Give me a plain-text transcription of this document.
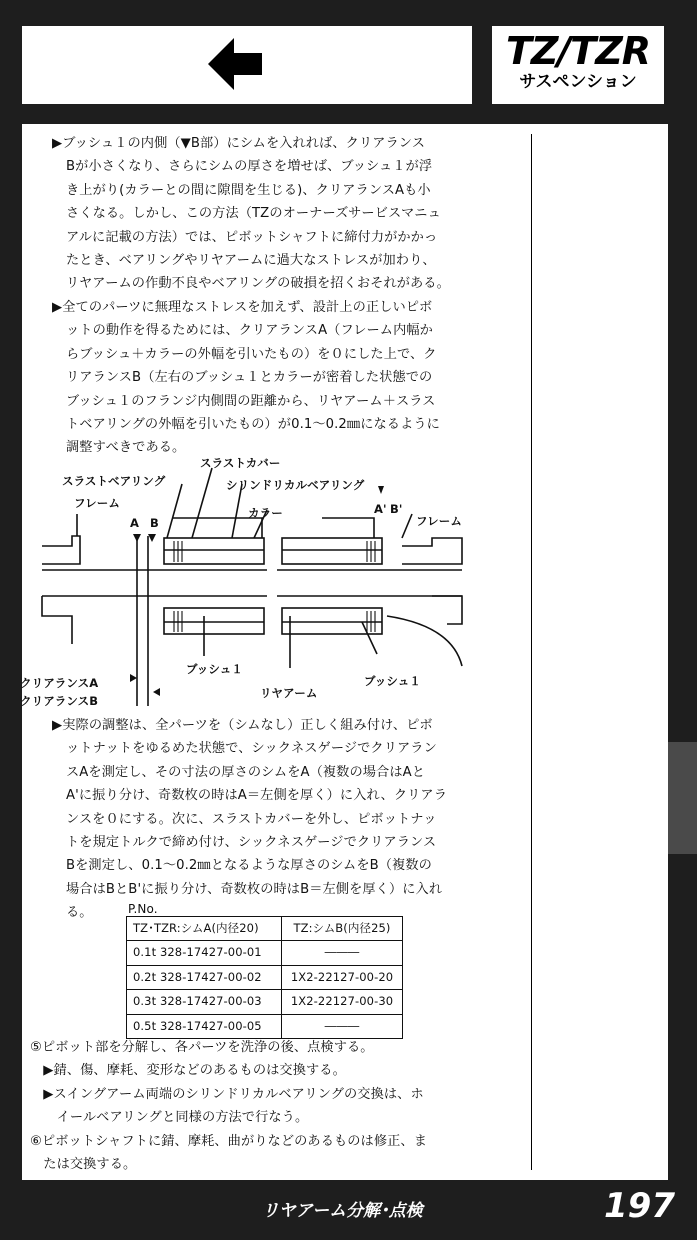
TZ/TZR
サスペンション
▶ブッシュ１の内側（▼B部）にシムを入れれば、クリアランス
Bが小さくなり、さらにシムの厚さを増せば、ブッシュ１が浮
き上がり(カラーとの間に隙間を生じる)、クリアランスAも小
さくなる。しかし、この方法（TZのオーナーズサービスマニュ
アルに記載の方法）では、ピボットシャフトに締付力がかかっ
たとき、ベアリングやリヤアームに過大なストレスが加わり、
リヤアームの作動不良やベアリングの破損を招くおそれがある。
▶全てのパーツに無理なストレスを加えず、設計上の正しいピボ
ットの動作を得るためには、クリアランスA（フレーム内幅か
らブッシュ＋カラーの外幅を引いたもの）を０にした上で、ク
リアランスB（左右のブッシュ１とカラーが密着した状態での
ブッシュ１のフランジ内側間の距離から、リヤアーム＋スラス
トベアリングの外幅を引いたもの）が0.1〜0.2㎜になるように
調整すべきである。
スラストカバー
スラストベアリング	シリンドリカルベアリング
フレーム
カラー
A B
A' B'
フレーム
ブッシュ１
ブッシュ１
リヤアーム
クリアランスA
クリアランスB
▶実際の調整は、全パーツを（シムなし）正しく組み付け、ピボ
ットナットをゆるめた状態で、シックネスゲージでクリアラン
スAを測定し、その寸法の厚さのシムをA（複数の場合はAと
A'に振り分け、奇数枚の時はA＝左側を厚く）に入れ、クリアラ
ンスを０にする。次に、スラストカバーを外し、ピボットナッ
トを規定トルクで締め付け、シックネスゲージでクリアランス
Bを測定し、0.1〜0.2㎜となるような厚さのシムをB（複数の
場合はBとB'に振り分け、奇数枚の時はB＝左側を厚く）に入れ
る。	P.No.
TZ･TZR:シムA(内径20)	TZ:シムB(内径25)
0.1t 328-17427-00-01	―――
0.2t 328-17427-00-02	1X2-22127-00-20
0.3t 328-17427-00-03	1X2-22127-00-30
0.5t 328-17427-00-05	―――
⑤ピボット部を分解し、各パーツを洗浄の後、点検する。
　▶錆、傷、摩耗、変形などのあるものは交換する。
　▶スイングアーム両端のシリンドリカルベアリングの交換は、ホ
　　イールベアリングと同様の方法で行なう。
⑥ピボットシャフトに錆、摩耗、曲がりなどのあるものは修正、ま
　たは交換する。
リヤアーム分解･点検	197
